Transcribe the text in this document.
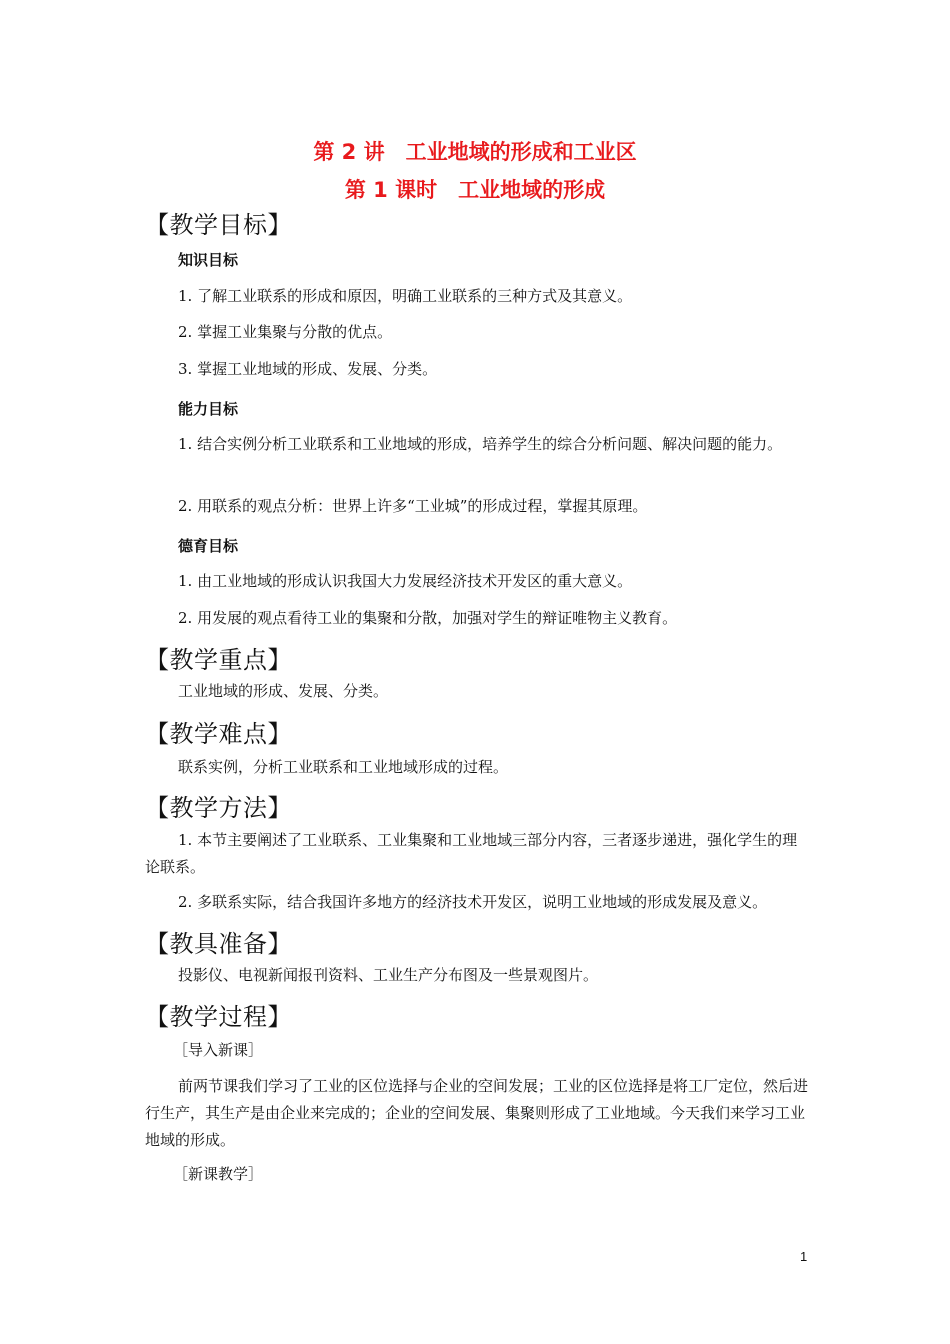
第 2 讲　工业地域的形成和工业区
第 1 课时　工业地域的形成
【教学目标】
知识目标
1. 了解工业联系的形成和原因，明确工业联系的三种方式及其意义。
2. 掌握工业集聚与分散的优点。
3. 掌握工业地域的形成、发展、分类。
能力目标
1. 结合实例分析工业联系和工业地域的形成，培养学生的综合分析问题、解决问题的能力。
2. 用联系的观点分析：世界上许多“工业城”的形成过程，掌握其原理。
德育目标
1. 由工业地域的形成认识我国大力发展经济技术开发区的重大意义。
2. 用发展的观点看待工业的集聚和分散，加强对学生的辩证唯物主义教育。
【教学重点】
工业地域的形成、发展、分类。
【教学难点】
联系实例，分析工业联系和工业地域形成的过程。
【教学方法】
1. 本节主要阐述了工业联系、工业集聚和工业地域三部分内容，三者逐步递进，强化学生的理论联系。
2. 多联系实际，结合我国许多地方的经济技术开发区，说明工业地域的形成发展及意义。
【教具准备】
投影仪、电视新闻报刊资料、工业生产分布图及一些景观图片。
【教学过程】
［导入新课］
前两节课我们学习了工业的区位选择与企业的空间发展；工业的区位选择是将工厂定位，然后进行生产，其生产是由企业来完成的；企业的空间发展、集聚则形成了工业地域。今天我们来学习工业地域的形成。
［新课教学］
1
